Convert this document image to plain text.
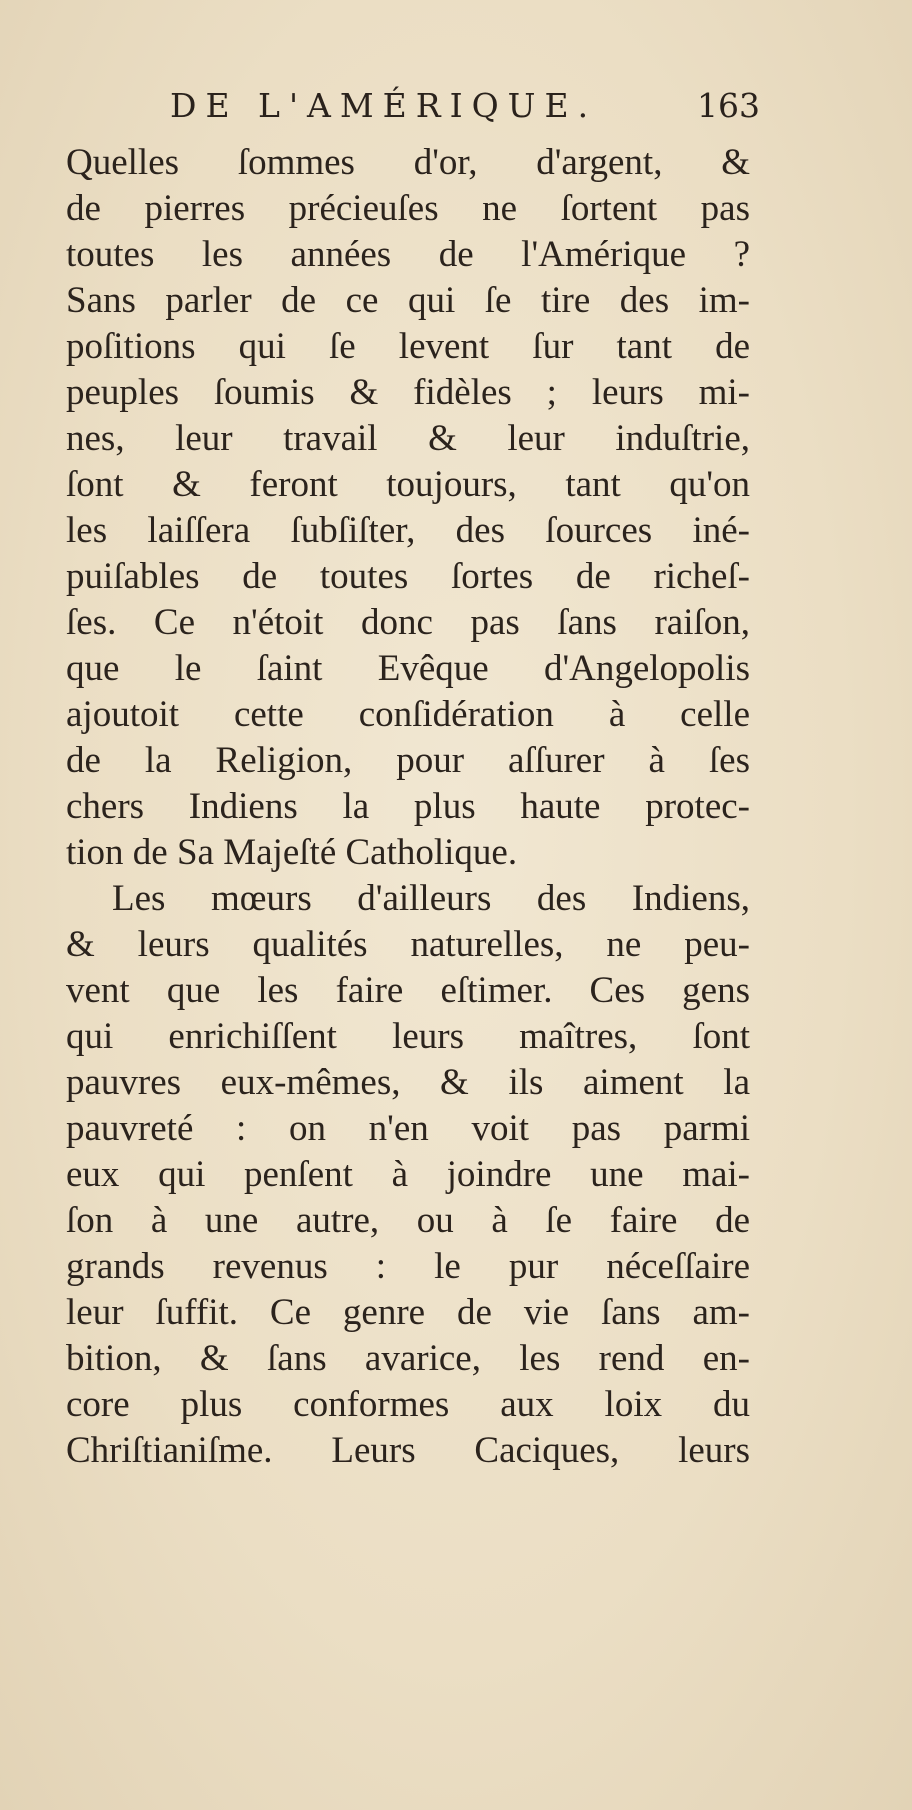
DE L'AMÉRIQUE.	163
Quelles ſommes d'or, d'argent, &
de pierres précieuſes ne ſortent pas
toutes les années de l'Amérique ?
Sans parler de ce qui ſe tire des im-
poſitions qui ſe levent ſur tant de
peuples ſoumis & fidèles ; leurs mi-
nes, leur travail & leur induſtrie,
ſont & feront toujours, tant qu'on
les laiſſera ſubſiſter, des ſources iné-
puiſables de toutes ſortes de richeſ-
ſes. Ce n'étoit donc pas ſans raiſon,
que le ſaint Evêque d'Angelopolis
ajoutoit cette conſidération à celle
de la Religion, pour aſſurer à ſes
chers Indiens la plus haute protec-
tion de Sa Majeſté Catholique.
Les mœurs d'ailleurs des Indiens,
& leurs qualités naturelles, ne peu-
vent que les faire eſtimer. Ces gens
qui enrichiſſent leurs maîtres, ſont
pauvres eux-mêmes, & ils aiment la
pauvreté : on n'en voit pas parmi
eux qui penſent à joindre une mai-
ſon à une autre, ou à ſe faire de
grands revenus : le pur néceſſaire
leur ſuffit. Ce genre de vie ſans am-
bition, & ſans avarice, les rend en-
core plus conformes aux loix du
Chriſtianiſme. Leurs Caciques, leurs
